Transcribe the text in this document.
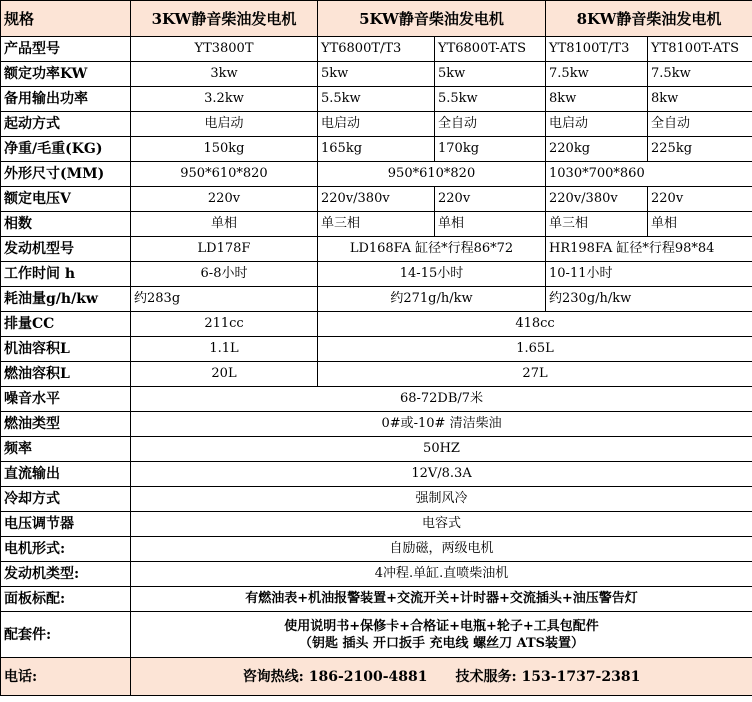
规格	3KW静音柴油发电机	5KW静音柴油发电机		8KW静音柴油发电机	
产品型号	YT3800T	YT6800T/T3	YT6800T-ATS	YT8100T/T3	YT8100T-ATS
额定功率KW	3kw	5kw	5kw	7.5kw	7.5kw
备用输出功率	3.2kw	5.5kw	5.5kw	8kw	8kw
起动方式	电启动	电启动	全自动	电启动	全自动
净重/毛重(KG)	150kg	165kg	170kg	220kg	225kg
外形尺寸(MM)	950*610*820	950*610*820		1030*700*860	
额定电压V	220v	220v/380v	220v	220v/380v	220v
相数	单相	单三相	单相	单三相	单相
发动机型号	LD178F	LD168FA 缸径*行程86*72		HR198FA 缸径*行程98*84	
工作时间 h	6-8小时	14-15小时		10-11小时	
耗油量g/h/kw	约283g	约271g/h/kw		约230g/h/kw	
排量CC	211cc	418cc			
机油容积L	1.1L	1.65L			
燃油容积L	20L	27L			
噪音水平	68-72DB/7米				
燃油类型	0#或-10# 清洁柴油				
频率	50HZ				
直流输出	12V/8.3A				
冷却方式	强制风冷				
电压调节器	电容式				
电机形式:	自励磁，两级电机				
发动机类型:	4冲程.单缸.直喷柴油机				
面板标配:	有燃油表+机油报警装置+交流开关+计时器+交流插头+油压警告灯				
配套件:	使用说明书+保修卡+合格证+电瓶+轮子+工具包配件
（钥匙 插头 开口扳手 充电线 螺丝刀 ATS装置）				

电话:	咨询热线: 186-2100-4881 技术服务: 153-1737-2381				
